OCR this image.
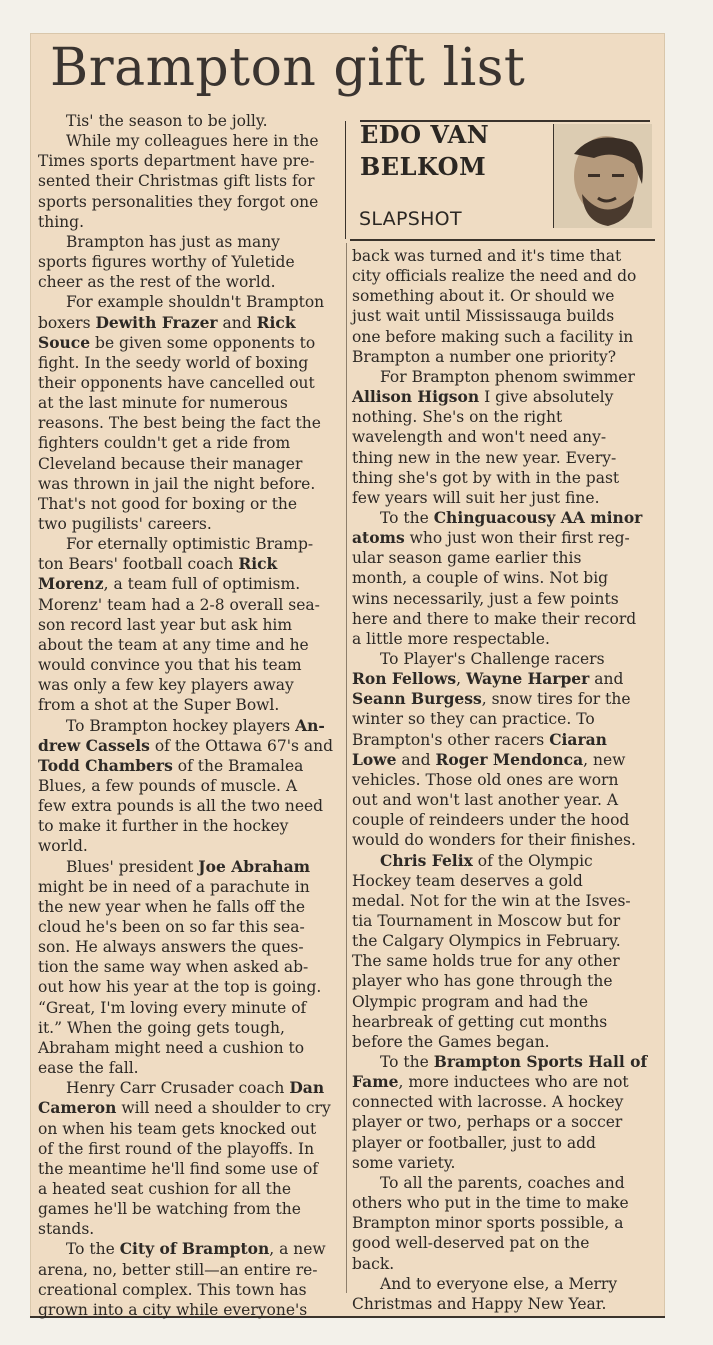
Brampton gift list
EDO VAN
BELKOM
SLAPSHOT
Tis' the season to be jolly.
While my colleagues here in the
Times sports department have pre-
sented their Christmas gift lists for
sports personalities they forgot one
thing.
Brampton has just as many
sports figures worthy of Yuletide
cheer as the rest of the world.
For example shouldn't Brampton
boxers Dewith Frazer and Rick
Souce be given some opponents to
fight. In the seedy world of boxing
their opponents have cancelled out
at the last minute for numerous
reasons. The best being the fact the
fighters couldn't get a ride from
Cleveland because their manager
was thrown in jail the night before.
That's not good for boxing or the
two pugilists' careers.
For eternally optimistic Bramp-
ton Bears' football coach Rick
Morenz, a team full of optimism.
Morenz' team had a 2-8 overall sea-
son record last year but ask him
about the team at any time and he
would convince you that his team
was only a few key players away
from a shot at the Super Bowl.
To Brampton hockey players An-
drew Cassels of the Ottawa 67's and
Todd Chambers of the Bramalea
Blues, a few pounds of muscle. A
few extra pounds is all the two need
to make it further in the hockey
world.
Blues' president Joe Abraham
might be in need of a parachute in
the new year when he falls off the
cloud he's been on so far this sea-
son. He always answers the ques-
tion the same way when asked ab-
out how his year at the top is going.
“Great, I'm loving every minute of
it.” When the going gets tough,
Abraham might need a cushion to
ease the fall.
Henry Carr Crusader coach Dan
Cameron will need a shoulder to cry
on when his team gets knocked out
of the first round of the playoffs. In
the meantime he'll find some use of
a heated seat cushion for all the
games he'll be watching from the
stands.
To the City of Brampton, a new
arena, no, better still—an entire re-
creational complex. This town has
grown into a city while everyone's
back was turned and it's time that
city officials realize the need and do
something about it. Or should we
just wait until Mississauga builds
one before making such a facility in
Brampton a number one priority?
For Brampton phenom swimmer
Allison Higson I give absolutely
nothing. She's on the right
wavelength and won't need any-
thing new in the new year. Every-
thing she's got by with in the past
few years will suit her just fine.
To the Chinguacousy AA minor
atoms who just won their first reg-
ular season game earlier this
month, a couple of wins. Not big
wins necessarily, just a few points
here and there to make their record
a little more respectable.
To Player's Challenge racers
Ron Fellows, Wayne Harper and
Seann Burgess, snow tires for the
winter so they can practice. To
Brampton's other racers Ciaran
Lowe and Roger Mendonca, new
vehicles. Those old ones are worn
out and won't last another year. A
couple of reindeers under the hood
would do wonders for their finishes.
Chris Felix of the Olympic
Hockey team deserves a gold
medal. Not for the win at the Isves-
tia Tournament in Moscow but for
the Calgary Olympics in February.
The same holds true for any other
player who has gone through the
Olympic program and had the
hearbreak of getting cut months
before the Games began.
To the Brampton Sports Hall of
Fame, more inductees who are not
connected with lacrosse. A hockey
player or two, perhaps or a soccer
player or footballer, just to add
some variety.
To all the parents, coaches and
others who put in the time to make
Brampton minor sports possible, a
good well-deserved pat on the
back.
And to everyone else, a Merry
Christmas and Happy New Year.
